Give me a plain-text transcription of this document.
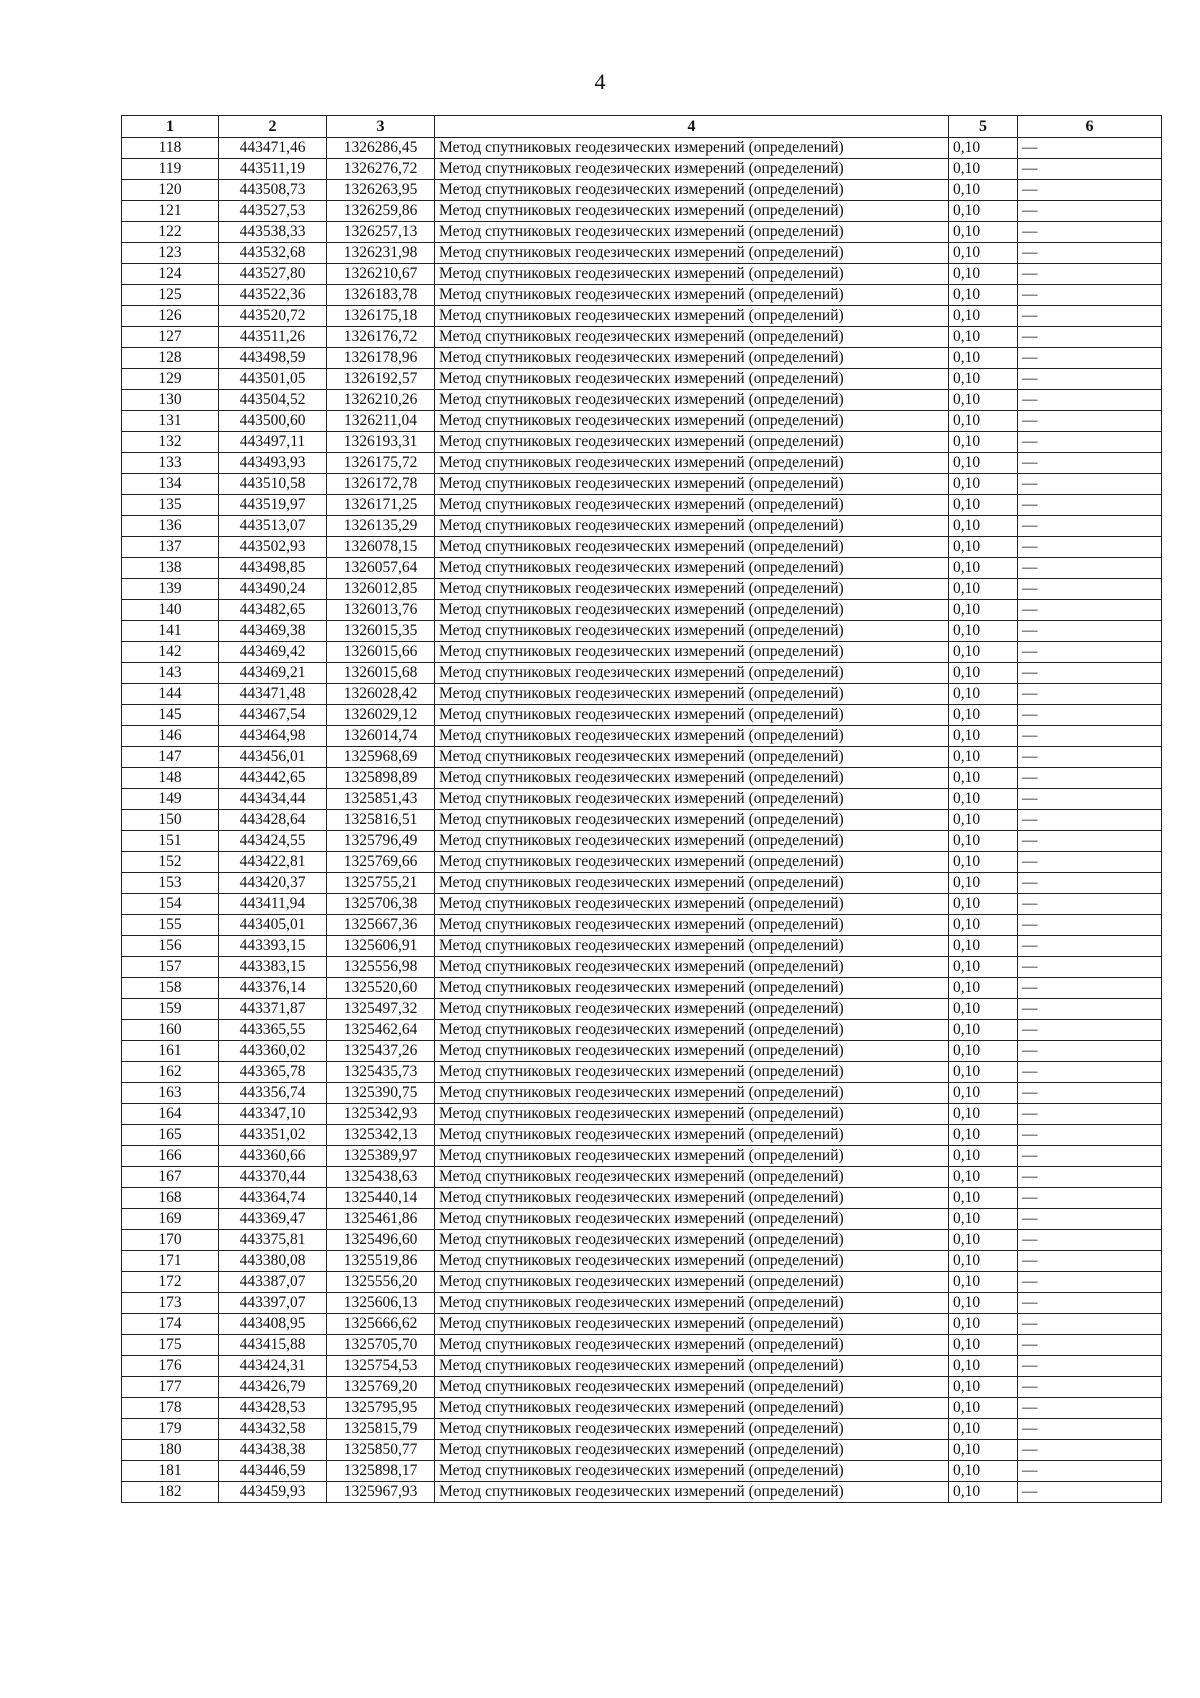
4
1	2	3	4	5	6
118	443471,46	1326286,45	Метод спутниковых геодезических измерений (определений)	0,10	—
119	443511,19	1326276,72	Метод спутниковых геодезических измерений (определений)	0,10	—
120	443508,73	1326263,95	Метод спутниковых геодезических измерений (определений)	0,10	—
121	443527,53	1326259,86	Метод спутниковых геодезических измерений (определений)	0,10	—
122	443538,33	1326257,13	Метод спутниковых геодезических измерений (определений)	0,10	—
123	443532,68	1326231,98	Метод спутниковых геодезических измерений (определений)	0,10	—
124	443527,80	1326210,67	Метод спутниковых геодезических измерений (определений)	0,10	—
125	443522,36	1326183,78	Метод спутниковых геодезических измерений (определений)	0,10	—
126	443520,72	1326175,18	Метод спутниковых геодезических измерений (определений)	0,10	—
127	443511,26	1326176,72	Метод спутниковых геодезических измерений (определений)	0,10	—
128	443498,59	1326178,96	Метод спутниковых геодезических измерений (определений)	0,10	—
129	443501,05	1326192,57	Метод спутниковых геодезических измерений (определений)	0,10	—
130	443504,52	1326210,26	Метод спутниковых геодезических измерений (определений)	0,10	—
131	443500,60	1326211,04	Метод спутниковых геодезических измерений (определений)	0,10	—
132	443497,11	1326193,31	Метод спутниковых геодезических измерений (определений)	0,10	—
133	443493,93	1326175,72	Метод спутниковых геодезических измерений (определений)	0,10	—
134	443510,58	1326172,78	Метод спутниковых геодезических измерений (определений)	0,10	—
135	443519,97	1326171,25	Метод спутниковых геодезических измерений (определений)	0,10	—
136	443513,07	1326135,29	Метод спутниковых геодезических измерений (определений)	0,10	—
137	443502,93	1326078,15	Метод спутниковых геодезических измерений (определений)	0,10	—
138	443498,85	1326057,64	Метод спутниковых геодезических измерений (определений)	0,10	—
139	443490,24	1326012,85	Метод спутниковых геодезических измерений (определений)	0,10	—
140	443482,65	1326013,76	Метод спутниковых геодезических измерений (определений)	0,10	—
141	443469,38	1326015,35	Метод спутниковых геодезических измерений (определений)	0,10	—
142	443469,42	1326015,66	Метод спутниковых геодезических измерений (определений)	0,10	—
143	443469,21	1326015,68	Метод спутниковых геодезических измерений (определений)	0,10	—
144	443471,48	1326028,42	Метод спутниковых геодезических измерений (определений)	0,10	—
145	443467,54	1326029,12	Метод спутниковых геодезических измерений (определений)	0,10	—
146	443464,98	1326014,74	Метод спутниковых геодезических измерений (определений)	0,10	—
147	443456,01	1325968,69	Метод спутниковых геодезических измерений (определений)	0,10	—
148	443442,65	1325898,89	Метод спутниковых геодезических измерений (определений)	0,10	—
149	443434,44	1325851,43	Метод спутниковых геодезических измерений (определений)	0,10	—
150	443428,64	1325816,51	Метод спутниковых геодезических измерений (определений)	0,10	—
151	443424,55	1325796,49	Метод спутниковых геодезических измерений (определений)	0,10	—
152	443422,81	1325769,66	Метод спутниковых геодезических измерений (определений)	0,10	—
153	443420,37	1325755,21	Метод спутниковых геодезических измерений (определений)	0,10	—
154	443411,94	1325706,38	Метод спутниковых геодезических измерений (определений)	0,10	—
155	443405,01	1325667,36	Метод спутниковых геодезических измерений (определений)	0,10	—
156	443393,15	1325606,91	Метод спутниковых геодезических измерений (определений)	0,10	—
157	443383,15	1325556,98	Метод спутниковых геодезических измерений (определений)	0,10	—
158	443376,14	1325520,60	Метод спутниковых геодезических измерений (определений)	0,10	—
159	443371,87	1325497,32	Метод спутниковых геодезических измерений (определений)	0,10	—
160	443365,55	1325462,64	Метод спутниковых геодезических измерений (определений)	0,10	—
161	443360,02	1325437,26	Метод спутниковых геодезических измерений (определений)	0,10	—
162	443365,78	1325435,73	Метод спутниковых геодезических измерений (определений)	0,10	—
163	443356,74	1325390,75	Метод спутниковых геодезических измерений (определений)	0,10	—
164	443347,10	1325342,93	Метод спутниковых геодезических измерений (определений)	0,10	—
165	443351,02	1325342,13	Метод спутниковых геодезических измерений (определений)	0,10	—
166	443360,66	1325389,97	Метод спутниковых геодезических измерений (определений)	0,10	—
167	443370,44	1325438,63	Метод спутниковых геодезических измерений (определений)	0,10	—
168	443364,74	1325440,14	Метод спутниковых геодезических измерений (определений)	0,10	—
169	443369,47	1325461,86	Метод спутниковых геодезических измерений (определений)	0,10	—
170	443375,81	1325496,60	Метод спутниковых геодезических измерений (определений)	0,10	—
171	443380,08	1325519,86	Метод спутниковых геодезических измерений (определений)	0,10	—
172	443387,07	1325556,20	Метод спутниковых геодезических измерений (определений)	0,10	—
173	443397,07	1325606,13	Метод спутниковых геодезических измерений (определений)	0,10	—
174	443408,95	1325666,62	Метод спутниковых геодезических измерений (определений)	0,10	—
175	443415,88	1325705,70	Метод спутниковых геодезических измерений (определений)	0,10	—
176	443424,31	1325754,53	Метод спутниковых геодезических измерений (определений)	0,10	—
177	443426,79	1325769,20	Метод спутниковых геодезических измерений (определений)	0,10	—
178	443428,53	1325795,95	Метод спутниковых геодезических измерений (определений)	0,10	—
179	443432,58	1325815,79	Метод спутниковых геодезических измерений (определений)	0,10	—
180	443438,38	1325850,77	Метод спутниковых геодезических измерений (определений)	0,10	—
181	443446,59	1325898,17	Метод спутниковых геодезических измерений (определений)	0,10	—
182	443459,93	1325967,93	Метод спутниковых геодезических измерений (определений)	0,10	—
